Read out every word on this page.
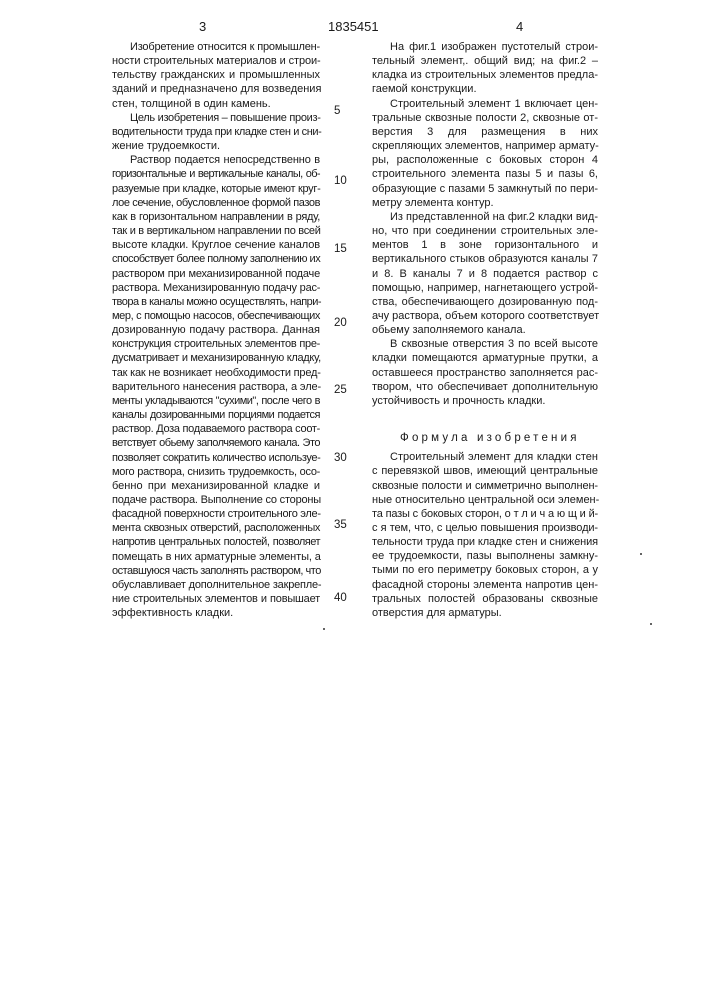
3	1835451	4
Изобретение относится к промышлен-
ности строительных материалов и строи-
тельству гражданских и промышленных
зданий и предназначено для возведения
стен, толщиной в один камень.
Цель изобретения – повышение произ-
водительности труда при кладке стен и сни-
жение трудоемкости.
Раствор подается непосредственно в
горизонтальные и вертикальные каналы, об-
разуемые при кладке, которые имеют круг-
лое сечение, обусловленное формой пазов
как в горизонтальном направлении в ряду,
так и в вертикальном направлении по всей
высоте кладки. Круглое сечение каналов
способствует более полному заполнению их
раствором при механизированной подаче
раствора. Механизированную подачу рас-
твора в каналы можно осуществлять, напри-
мер, с помощью насосов, обеспечивающих
дозированную подачу раствора. Данная
конструкция строительных элементов пре-
дусматривает и механизированную кладку,
так как не возникает необходимости пред-
варительного нанесения раствора, а эле-
менты укладываются "сухими", после чего в
каналы дозированными порциями подается
раствор. Доза подаваемого раствора соот-
ветствует обьему заполчяемого канала. Это
позволяет сократить количество используе-
мого раствора, снизить трудоемкость, осо-
бенно при механизированной кладке и
подаче раствора. Выполнение со стороны
фасадной поверхности строительного эле-
мента сквозных отверстий, расположенных
напротив центральных полостей, позволяет
помещать в них арматурные элементы, а
оставшуюся часть заполнять раствором, что
обуславливает дополнительное закрепле-
ние строительных элементов и повышает
эффективность кладки.
На фиг.1 изображен пустотелый строи-
тельный элемент,. общий вид; на фиг.2 –
кладка из строительных элементов предла-
гаемой конструкции.
Строительный элемент 1 включает цен-
тральные сквозные полости 2, сквозные от-
верстия 3 для размещения в них
скрепляющих элементов, например армату-
ры, расположенные с боковых сторон 4
строительного элемента пазы 5 и пазы 6,
образующие с пазами 5 замкнутый по пери-
метру элемента контур.
Из представленной на фиг.2 кладки вид-
но, что при соединении строительных эле-
ментов 1 в зоне горизонтального и
вертикального стыков образуются каналы 7
и 8. В каналы 7 и 8 подается раствор с
помощью, например, нагнетающего устрой-
ства, обеспечивающего дозированную под-
ачу раствора, объем которого соответствует
обьему заполняемого канала.
В сквозные отверстия 3 по всей высоте
кладки помещаются арматурные прутки, а
оставшееся пространство заполняется рас-
твором, что обеспечивает дополнительную
устойчивость и прочность кладки.
Формула изобретения
Строительный элемент для кладки стен
с перевязкой швов, имеющий центральные
сквозные полости и симметрично выполнен-
ные относительно центральной оси элемен-
та пазы с боковых сторон, о т л и ч а ю щ и й-
с я тем, что, с целью повышения производи-
тельности труда при кладке стен и снижения
ее трудоемкости, пазы выполнены замкну-
тыми по его периметру боковых сторон, а у
фасадной стороны элемента напротив цен-
тральных полостей образованы сквозные
отверстия для арматуры.
5
10
15
20
25
30
35
40
